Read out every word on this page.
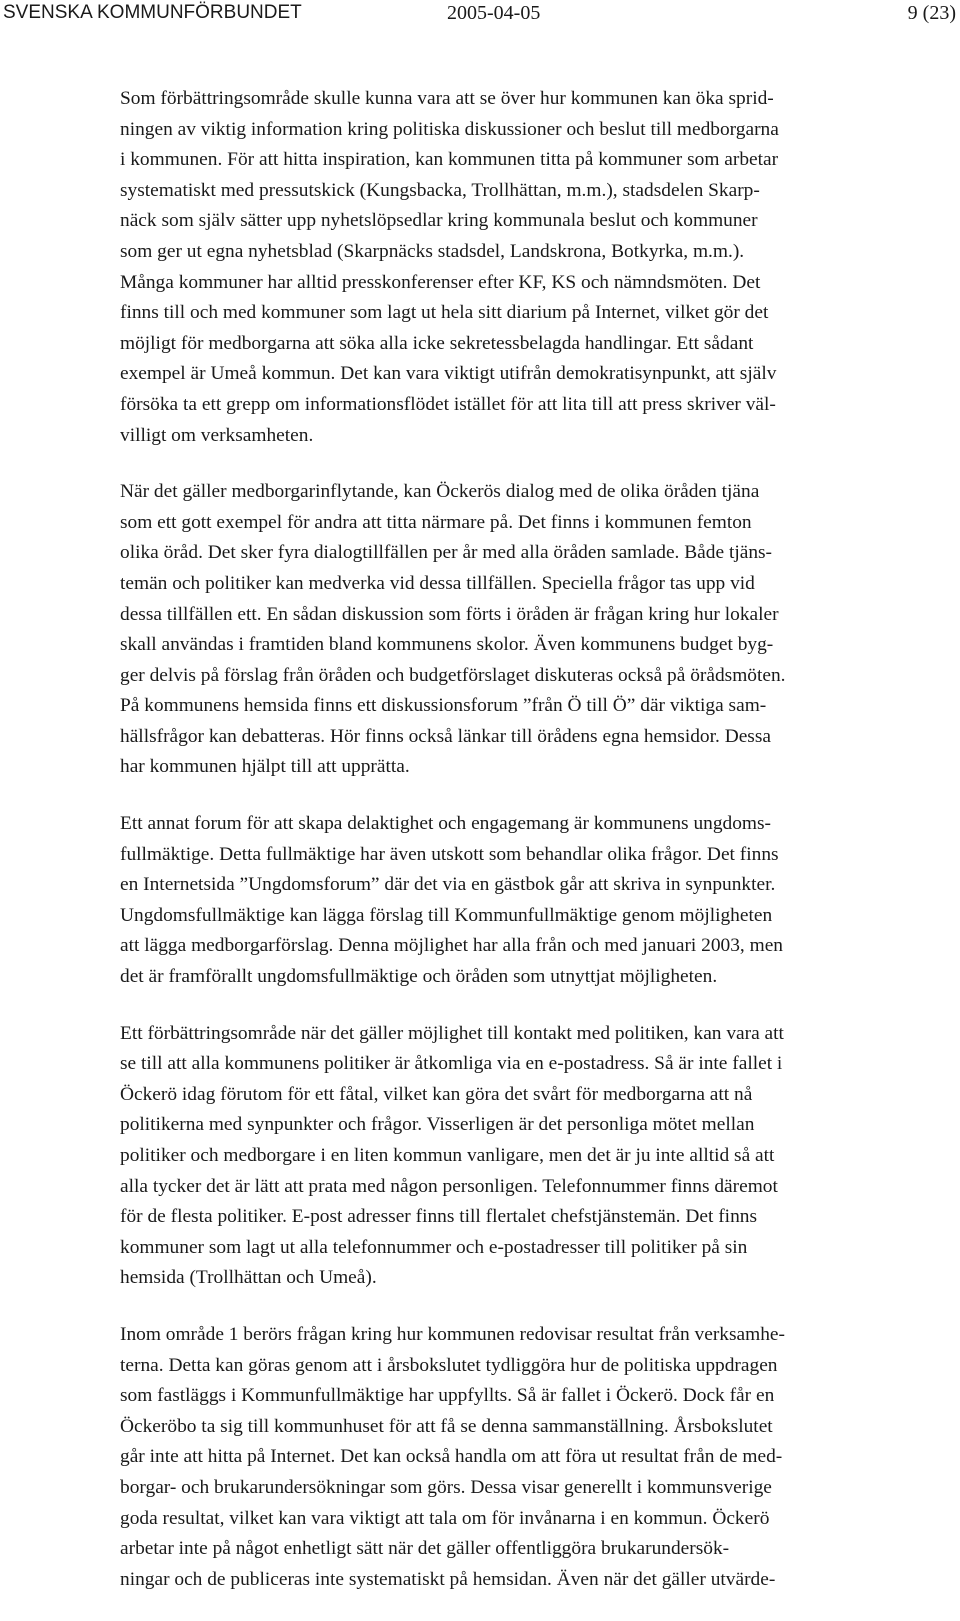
SVENSKA KOMMUNFÖRBUNDET	2005-04-05	9 (23)
Som förbättringsområde skulle kunna vara att se över hur kommunen kan öka sprid-
ningen av viktig information kring politiska diskussioner och beslut till medborgarna
i kommunen. För att hitta inspiration, kan kommunen titta på kommuner som arbetar
systematiskt med pressutskick (Kungsbacka, Trollhättan, m.m.), stadsdelen Skarp-
näck som själv sätter upp nyhetslöpsedlar kring kommunala beslut och kommuner
som ger ut egna nyhetsblad (Skarpnäcks stadsdel, Landskrona, Botkyrka, m.m.).
Många kommuner har alltid presskonferenser efter KF, KS och nämndsmöten. Det
finns till och med kommuner som lagt ut hela sitt diarium på Internet, vilket gör det
möjligt för medborgarna att söka alla icke sekretessbelagda handlingar. Ett sådant
exempel är Umeå kommun. Det kan vara viktigt utifrån demokratisynpunkt, att själv
försöka ta ett grepp om informationsflödet istället för att lita till att press skriver väl-
villigt om verksamheten.
När det gäller medborgarinflytande, kan Öckerös dialog med de olika öråden tjäna
som ett gott exempel för andra att titta närmare på. Det finns i kommunen femton
olika öråd. Det sker fyra dialogtillfällen per år med alla öråden samlade. Både tjäns-
temän och politiker kan medverka vid dessa tillfällen. Speciella frågor tas upp vid
dessa tillfällen ett. En sådan diskussion som förts i öråden är frågan kring hur lokaler
skall användas i framtiden bland kommunens skolor. Även kommunens budget byg-
ger delvis på förslag från öråden och budgetförslaget diskuteras också på örådsmöten.
På kommunens hemsida finns ett diskussionsforum ”från Ö till Ö” där viktiga sam-
hällsfrågor kan debatteras. Hör finns också länkar till örådens egna hemsidor. Dessa
har kommunen hjälpt till att upprätta.
Ett annat forum för att skapa delaktighet och engagemang är kommunens ungdoms-
fullmäktige. Detta fullmäktige har även utskott som behandlar olika frågor. Det finns
en Internetsida ”Ungdomsforum” där det via en gästbok går att skriva in synpunkter.
Ungdomsfullmäktige kan lägga förslag till Kommunfullmäktige genom möjligheten
att lägga medborgarförslag. Denna möjlighet har alla från och med januari 2003, men
det är framförallt ungdomsfullmäktige och öråden som utnyttjat möjligheten.
Ett förbättringsområde när det gäller möjlighet till kontakt med politiken, kan vara att
se till att alla kommunens politiker är åtkomliga via en e-postadress. Så är inte fallet i
Öckerö idag förutom för ett fåtal, vilket kan göra det svårt för medborgarna att nå
politikerna med synpunkter och frågor. Visserligen är det personliga mötet mellan
politiker och medborgare i en liten kommun vanligare, men det är ju inte alltid så att
alla tycker det är lätt att prata med någon personligen. Telefonnummer finns däremot
för de flesta politiker. E-post adresser finns till flertalet chefstjänstemän. Det finns
kommuner som lagt ut alla telefonnummer och e-postadresser till politiker på sin
hemsida (Trollhättan och Umeå).
Inom område 1 berörs frågan kring hur kommunen redovisar resultat från verksamhe-
terna. Detta kan göras genom att i årsbokslutet tydliggöra hur de politiska uppdragen
som fastläggs i Kommunfullmäktige har uppfyllts. Så är fallet i Öckerö. Dock får en
Öckeröbo ta sig till kommunhuset för att få se denna sammanställning. Årsbokslutet
går inte att hitta på Internet. Det kan också handla om att föra ut resultat från de med-
borgar- och brukarundersökningar som görs. Dessa visar generellt i kommunsverige
goda resultat, vilket kan vara viktigt att tala om för invånarna i en kommun. Öckerö
arbetar inte på något enhetligt sätt när det gäller offentliggöra brukarundersök-
ningar och de publiceras inte systematiskt på hemsidan. Även när det gäller utvärde-
